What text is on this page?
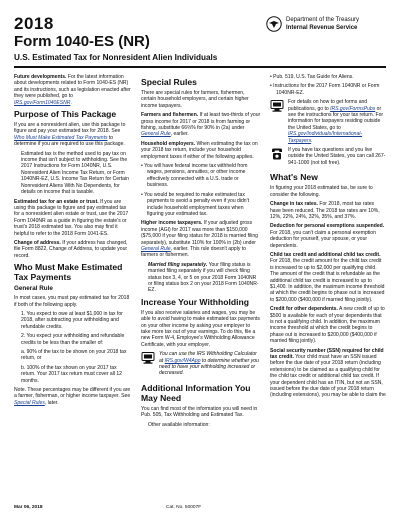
2018
Form 1040-ES (NR)
U.S. Estimated Tax for Nonresident Alien Individuals
Department of the Treasury
Internal Revenue Service

Future developments. For the latest information about developments related to Form 1040-ES (NR) and its instructions, such as legislation enacted after they were published, go to IRS.gov/Form1040ESNR.

Purpose of This Package

If you are a nonresident alien, use this package to figure and pay your estimated tax for 2018. See Who Must Make Estimated Tax Payments to determine if you are required to use this package.

Estimated tax is the method used to pay tax on income that isn't subject to withholding. See the 2017 Instructions for Form 1040NR, U.S. Nonresident Alien Income Tax Return, or Form 1040NR-EZ, U.S. Income Tax Return for Certain Nonresident Aliens With No Dependents, for details on income that is taxable.

Estimated tax for an estate or trust. If you are using this package to figure and pay estimated tax for a nonresident alien estate or trust, use the 2017 Form 1040NR as a guide in figuring the estate's or trust's 2018 estimated tax. You also may find it helpful to refer to the 2018 Form 1041-ES.

Change of address. If your address has changed, file Form 8822, Change of Address, to update your record.

Who Must Make Estimated Tax Payments
General Rule

In most cases, you must pay estimated tax for 2018 if both of the following apply.

1. You expect to owe at least $1,000 in tax for 2018, after subtracting your withholding and refundable credits.

2. You expect your withholding and refundable credits to be less than the smaller of:

a. 90% of the tax to be shown on your 2018 tax return, or

b. 100% of the tax shown on your 2017 tax return. Your 2017 tax return must cover all 12 months.

Note. These percentages may be different if you are a farmer, fisherman, or higher income taxpayer. See Special Rules, later.

Special Rules

There are special rules for farmers, fishermen, certain household employers, and certain higher income taxpayers.

Farmers and fishermen. If at least two-thirds of your gross income for 2017 or 2018 is from farming or fishing, substitute 66⅔% for 90% in (2a) under General Rule, earlier.

Household employers. When estimating the tax on your 2018 tax return, include your household employment taxes if either of the following applies.

• You will have federal income tax withheld from wages, pensions, annuities, or other income effectively connected with a U.S. trade or business.

• You would be required to make estimated tax payments to avoid a penalty even if you didn't include household employment taxes when figuring your estimated tax.

Higher income taxpayers. If your adjusted gross income (AGI) for 2017 was more than $150,000 ($75,000 if your filing status for 2018 is married filing separately), substitute 110% for 100% in (2b) under General Rule, earlier. This rule doesn't apply to farmers or fishermen.

Married filing separately. Your filing status is married filing separately if you will check filing status box 3, 4, or 5 on your 2018 Form 1040NR or filing status box 2 on your 2018 Form 1040NR-EZ.

Increase Your Withholding

If you also receive salaries and wages, you may be able to avoid having to make estimated tax payments on your other income by asking your employer to take more tax out of your earnings. To do this, file a new Form W-4, Employee's Withholding Allowance Certificate, with your employer.

You can use the IRS Withholding Calculator at IRS.gov/W4App to determine whether you need to have your withholding increased or decreased.

Additional Information You May Need

You can find most of the information you will need in Pub. 505, Tax Withholding and Estimated Tax.

Other available information:

• Pub. 519, U.S. Tax Guide for Aliens.

• Instructions for the 2017 Form 1040NR or Form 1040NR-EZ.

For details on how to get forms and publications, go to IRS.gov/FormsPubs or see the instructions for your tax return. For information for taxpayers residing outside the United States, go to IRS.gov/Individuals/International-Taxpayers.

If you have tax questions and you live outside the United States, you can call 267-941-1000 (not toll free).

What's New

In figuring your 2018 estimated tax, be sure to consider the following.

Change in tax rates. For 2018, most tax rates have been reduced. The 2018 tax rates are 10%, 12%, 22%, 24%, 32%, 35%, and 37%.

Deduction for personal exemptions suspended. For 2018, you can't claim a personal exemption deduction for yourself, your spouse, or your dependents.

Child tax credit and additional child tax credit. For 2018, the credit amount for the child tax credit is increased to up to $2,000 per qualifying child. The amount of the credit that is refundable as the additional child tax credit is increased to up to $1,400. In addition, the maximum income threshold at which the credit begins to phase out is increased to $200,000 ($400,000 if married filing jointly).

Credit for other dependents. A new credit of up to $500 is available for each of your dependents that is not a qualifying child. In addition, the maximum income threshold at which the credit begins to phase out is increased to $200,000 ($400,000 if married filing jointly).

Social security number (SSN) required for child tax credit. Your child must have an SSN issued before the due date of your 2018 return (including extensions) to be claimed as a qualifying child for the child tax credit or additional child tax credit. If your dependent child has an ITIN, but not an SSN, issued before the due date of your 2018 return (including extensions), you may be able to claim the

Mar 06, 2018	Cat. No. 50007F
